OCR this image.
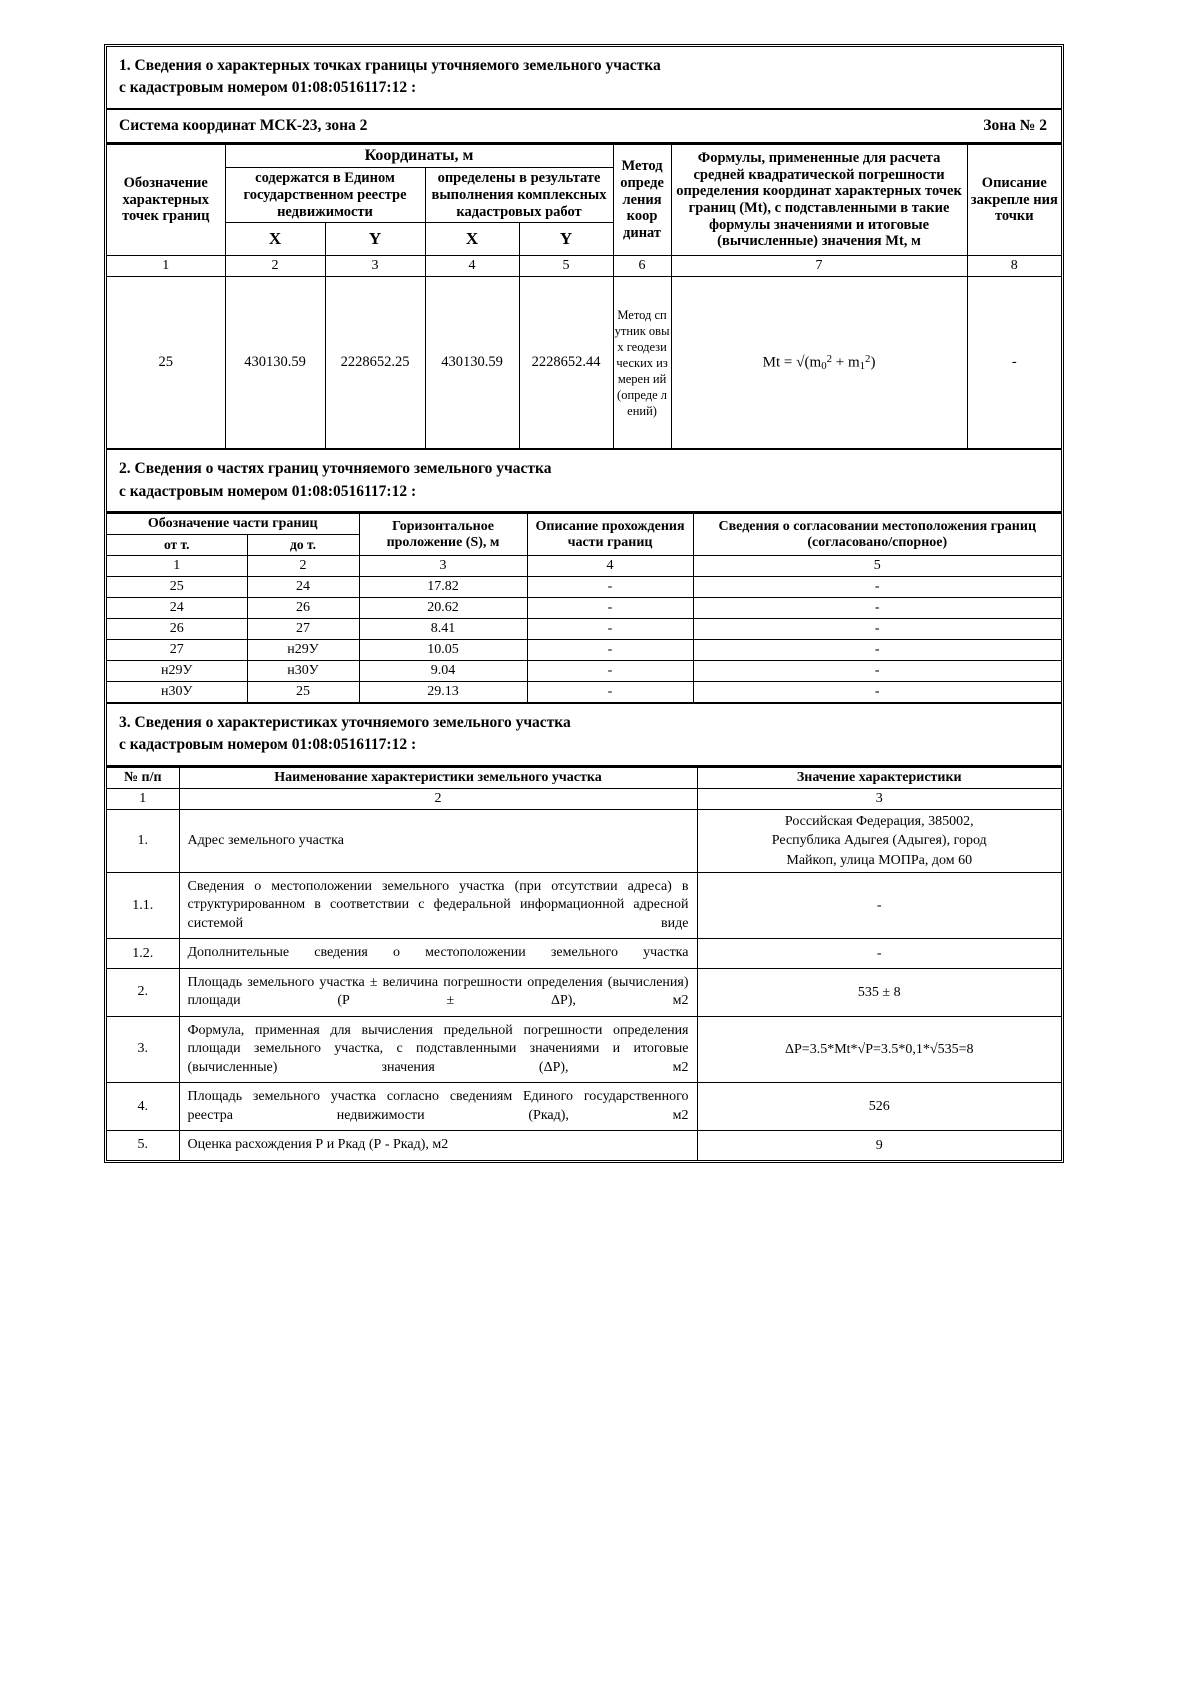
1. Сведения о характерных точках границы уточняемого земельного участка
с кадастровым номером 01:08:0516117:12 :
Система координат МСК-23, зона 2	Зона № 2
Обозначение характерных точек границ	Координаты, м				Метод опреде ления коор динат	Формулы, примененные для расчета средней квадратической погрешности определения координат характерных точек границ (Mt), с подставленными в такие формулы значениями и итоговые (вычисленные) значения Mt, м	Описание закрепле ния точки
	содержатся в Едином государственном реестре недвижимости		определены в результате выполнения комплексных кадастровых работ				
	X	Y	X	Y			
1	2	3	4	5	6	7	8
25	430130.59	2228652.25	430130.59	2228652.44	Метод спутник овых геодези ческих измерен ий (опреде лений)	$Mt = √(m_0^2 + m_1^2)$	-
2. Сведения о частях границ уточняемого земельного участка
с кадастровым номером 01:08:0516117:12 :
Обозначение части границ		Горизонтальное проложение (S), м	Описание прохождения части границ	Сведения о согласовании местоположения границ (согласовано/спорное)
от т.	до т.			
1	2	3	4	5
25	24	17.82	-	-
24	26	20.62	-	-
26	27	8.41	-	-
27	н29У	10.05	-	-
н29У	н30У	9.04	-	-
н30У	25	29.13	-	-
3. Сведения о характеристиках уточняемого земельного участка
с кадастровым номером 01:08:0516117:12 :
№ п/п	Наименование характеристики земельного участка	Значение характеристики
1	2	3
1.	Адрес земельного участка	Российская Федерация, 385002,
Республика Адыгея (Адыгея), город
Майкоп, улица МОПРа, дом 60

1.1.	Сведения о местоположении земельного участка (при отсутствии адреса) в структурированном в соответствии с федеральной информационной адресной системой виде	-

1.2.	Дополнительные сведения о местоположении земельного участка	-

2.	Площадь земельного участка ± величина погрешности определения (вычисления) площади (Р ± ΔР), м2	535 ± 8

3.	Формула, применная для вычисления предельной погрешности определения площади земельного участка, с подставленными значениями и итоговые (вычисленные) значения (ΔР), м2	ΔP=3.5*Mt*√P=3.5*0,1*√535=8

4.	Площадь земельного участка согласно сведениям Единого государственного реестра недвижимости (Ркад), м2	526

5.	Оценка расхождения Р и Ркад (Р - Ркад), м2	9
